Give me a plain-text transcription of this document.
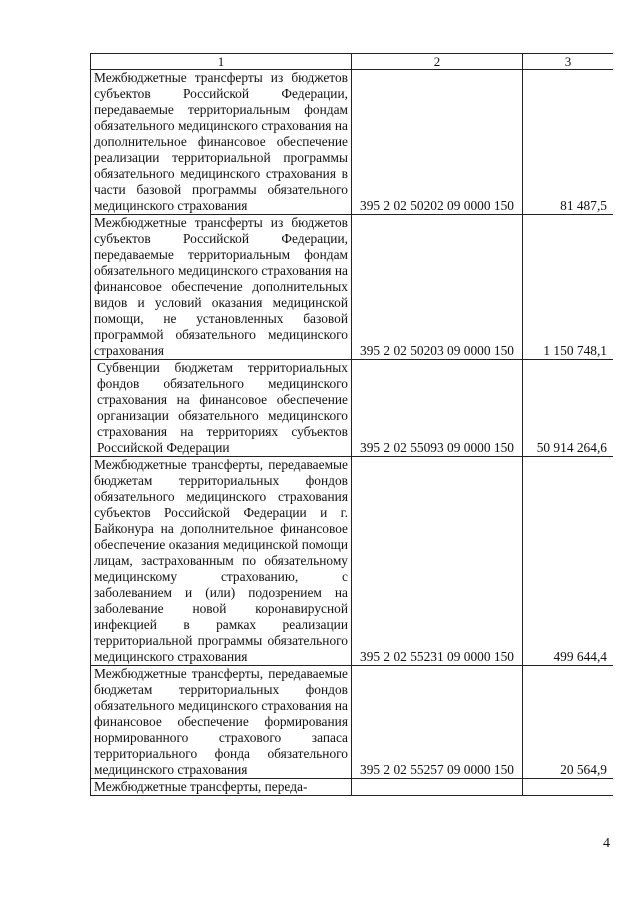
1	2	3
Межбюджетные трансферты из бюджетов субъектов Российской Федерации, передаваемые территориальным фондам обязательного медицинского страхования на дополнительное финансовое обеспечение реализации территориальной программы обязательного медицинского страхования в части базовой программы обязательного медицинского страхования	395 2 02 50202 09 0000 150	81 487,5
Межбюджетные трансферты из бюджетов субъектов Российской Федерации, передаваемые территориальным фондам обязательного медицинского страхования на финансовое обеспечение дополнительных видов и условий оказания медицинской помощи, не установленных базовой программой обязательного медицинского страхования	395 2 02 50203 09 0000 150	1 150 748,1
Субвенции бюджетам территориальных фондов обязательного медицинского страхования на финансовое обеспечение организации обязательного медицинского страхования на территориях субъектов Российской Федерации	395 2 02 55093 09 0000 150	50 914 264,6
Межбюджетные трансферты, передаваемые бюджетам территориальных фондов обязательного медицинского страхования субъектов Российской Федерации и г. Байконура на дополнительное финансовое обеспечение оказания медицинской помощи лицам, застрахованным по обязательному медицинскому страхованию, с заболеванием и (или) подозрением на заболевание новой коронавирусной инфекцией в рамках реализации территориальной программы обязательного медицинского страхования	395 2 02 55231 09 0000 150	499 644,4
Межбюджетные трансферты, передаваемые бюджетам территориальных фондов обязательного медицинского страхования на финансовое обеспечение формирования нормированного страхового запаса территориального фонда обязательного медицинского страхования	395 2 02 55257 09 0000 150	20 564,9
Межбюджетные трансферты, переда-		
4
